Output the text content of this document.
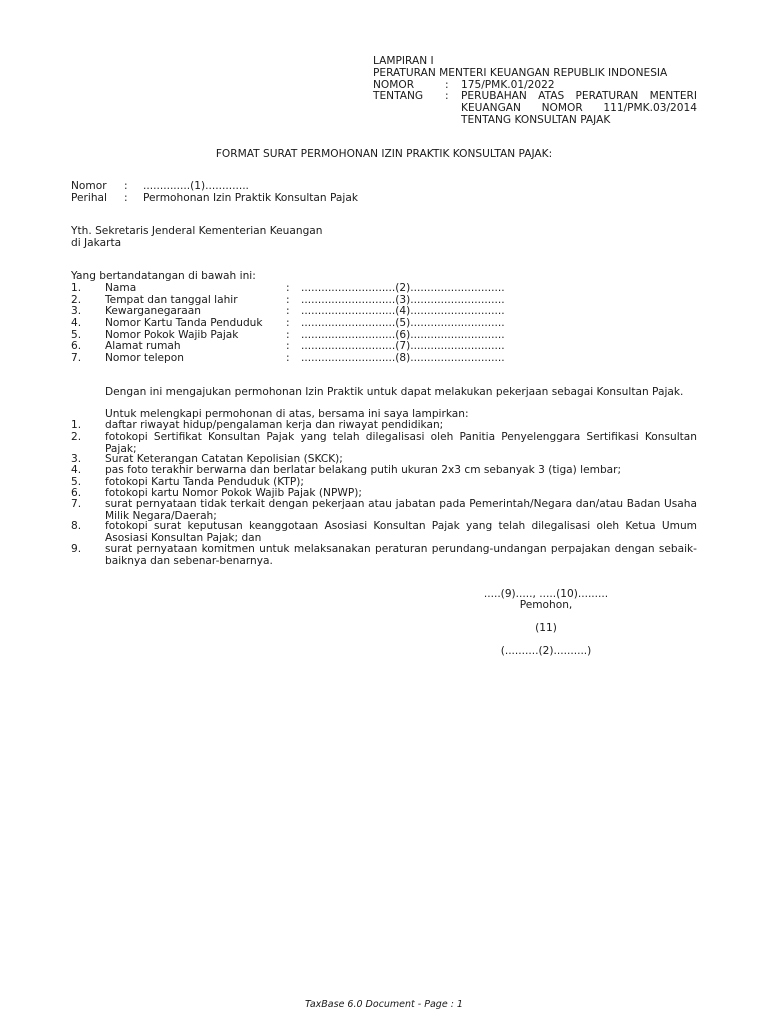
LAMPIRAN I
PERATURAN MENTERI KEUANGAN REPUBLIK INDONESIA
NOMOR	: 175/PMK.01/2022
TENTANG : PERUBAHAN ATAS PERATURAN MENTERI KEUANGAN NOMOR 111/PMK.03/2014 TENTANG KONSULTAN PAJAK
FORMAT SURAT PERMOHONAN IZIN PRAKTIK KONSULTAN PAJAK:
Nomor : ..............(1).............
Perihal : Permohonan Izin Praktik Konsultan Pajak
Yth. Sekretaris Jenderal Kementerian Keuangan
di Jakarta
Yang bertandatangan di bawah ini:
1. Nama	: ............................(2)............................
2. Tempat dan tanggal lahir	: ............................(3)............................
3. Kewarganegaraan	: ............................(4)............................
4. Nomor Kartu Tanda Penduduk : ............................(5)............................
5. Nomor Pokok Wajib Pajak	: ............................(6)............................
6. Alamat rumah	: ............................(7)............................
7. Nomor telepon	: ............................(8)............................
Dengan ini mengajukan permohonan Izin Praktik untuk dapat melakukan pekerjaan sebagai Konsultan Pajak.
Untuk melengkapi permohonan di atas, bersama ini saya lampirkan:
1. daftar riwayat hidup/pengalaman kerja dan riwayat pendidikan;
2. fotokopi Sertifikat Konsultan Pajak yang telah dilegalisasi oleh Panitia Penyelenggara Sertifikasi Konsultan Pajak;
3. Surat Keterangan Catatan Kepolisian (SKCK);
4. pas foto terakhir berwarna dan berlatar belakang putih ukuran 2x3 cm sebanyak 3 (tiga) lembar;
5. fotokopi Kartu Tanda Penduduk (KTP);
6. fotokopi kartu Nomor Pokok Wajib Pajak (NPWP);
7. surat pernyataan tidak terkait dengan pekerjaan atau jabatan pada Pemerintah/Negara dan/atau Badan Usaha Milik Negara/Daerah;
8. fotokopi surat keputusan keanggotaan Asosiasi Konsultan Pajak yang telah dilegalisasi oleh Ketua Umum Asosiasi Konsultan Pajak; dan
9. surat pernyataan komitmen untuk melaksanakan peraturan perundang-undangan perpajakan dengan sebaik-baiknya dan sebenar-benarnya.
.....(9)....., .....(10).........
Pemohon,
(11)
(..........(2)..........)
TaxBase 6.0 Document - Page : 1
